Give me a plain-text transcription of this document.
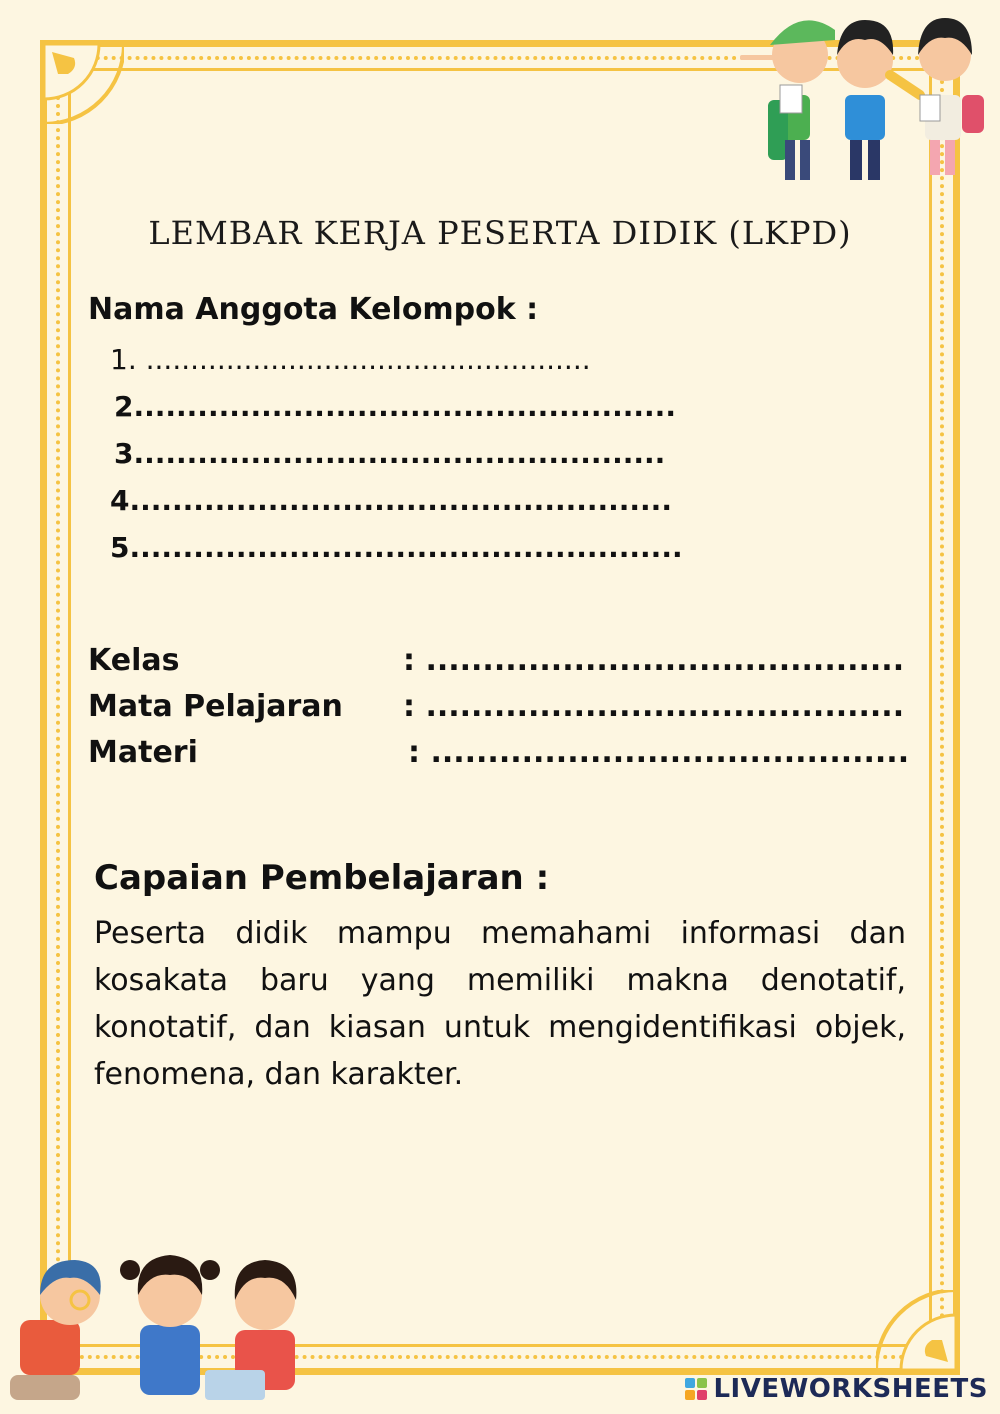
LEMBAR KERJA PESERTA DIDIK (LKPD)
Nama Anggota Kelompok :
1. ..................................................
2...................................................
3..................................................
4...................................................
5....................................................
Kelas	: ..........................................
Mata Pelajaran : ..........................................
Materi	: ..........................................
Capaian Pembelajaran :

Peserta didik mampu memahami informasi dan kosakata baru yang memiliki makna denotatif, konotatif, dan kiasan untuk mengidentifikasi objek, fenomena, dan karakter.

LIVEWORKSHEETS
